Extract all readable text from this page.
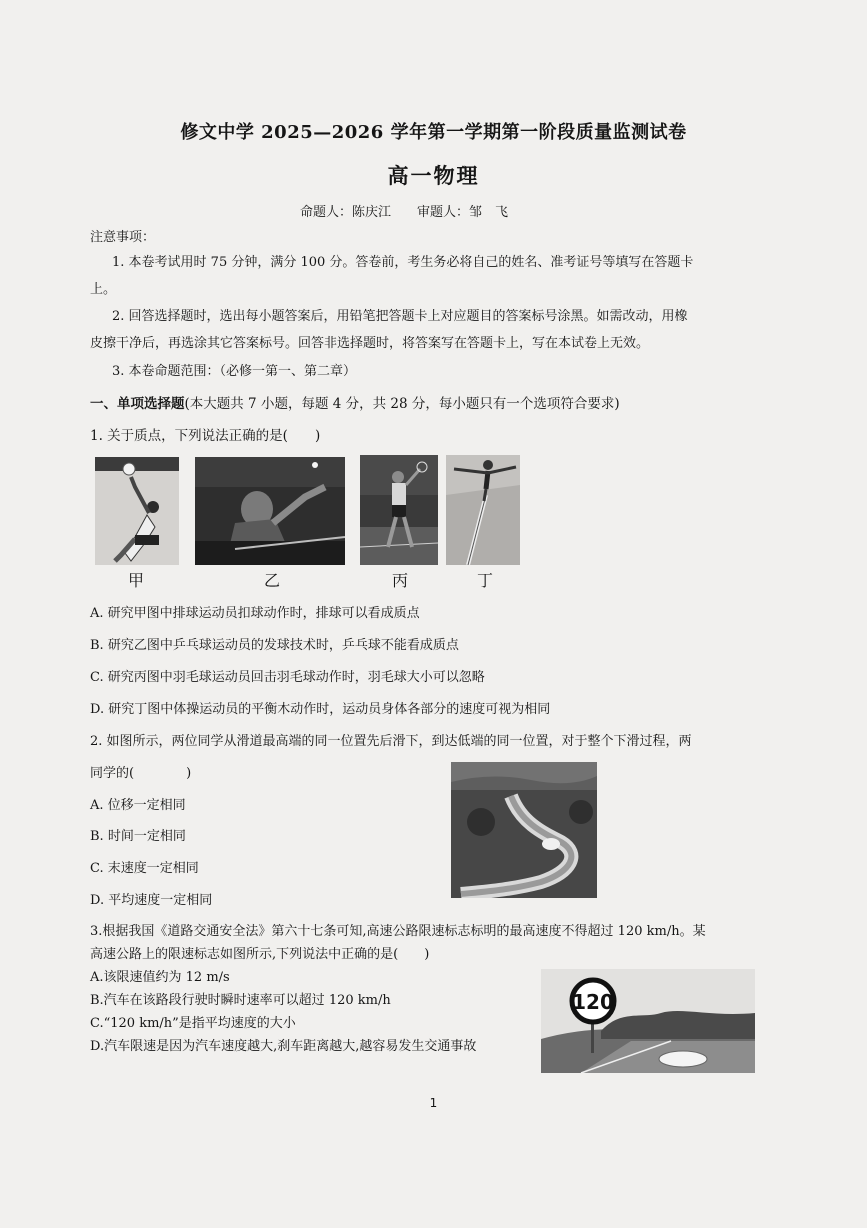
修文中学 2025—2026 学年第一学期第一阶段质量监测试卷
高一物理
命题人：陈庆江　　审题人：邹　飞
注意事项：
1. 本卷考试用时 75 分钟，满分 100 分。答卷前，考生务必将自己的姓名、准考证号等填写在答题卡
上。
2. 回答选择题时，选出每小题答案后，用铅笔把答题卡上对应题目的答案标号涂黑。如需改动，用橡
皮擦干净后，再选涂其它答案标号。回答非选择题时，将答案写在答题卡上，写在本试卷上无效。
3. 本卷命题范围：（必修一第一、第二章）
一、单项选择题(本大题共 7 小题，每题 4 分，共 28 分，每小题只有一个选项符合要求)
1. 关于质点，下列说法正确的是(　　)
甲	乙	丙	丁
A. 研究甲图中排球运动员扣球动作时，排球可以看成质点
B. 研究乙图中乒乓球运动员的发球技术时，乒乓球不能看成质点
C. 研究丙图中羽毛球运动员回击羽毛球动作时，羽毛球大小可以忽略
D. 研究丁图中体操运动员的平衡木动作时，运动员身体各部分的速度可视为相同
2. 如图所示，两位同学从滑道最高端的同一位置先后滑下，到达低端的同一位置，对于整个下滑过程，两
同学的(　　　　)
A. 位移一定相同
B. 时间一定相同
C. 末速度一定相同
D. 平均速度一定相同
3.根据我国《道路交通安全法》第六十七条可知,高速公路限速标志标明的最高速度不得超过 120 km/h。某
高速公路上的限速标志如图所示,下列说法中正确的是(　　)
A.该限速值约为 12 m/s
B.汽车在该路段行驶时瞬时速率可以超过 120 km/h
C.“120 km/h”是指平均速度的大小
D.汽车限速是因为汽车速度越大,刹车距离越大,越容易发生交通事故
120
1
